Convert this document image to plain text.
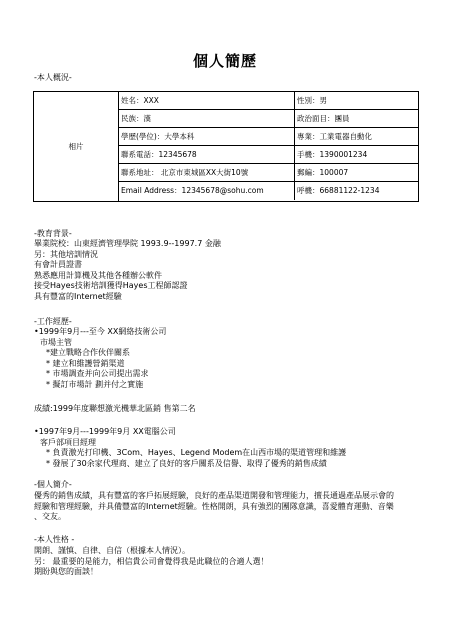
個人簡歷
-本人概況-
相片
姓名：XXX	性別：男
民族：漢	政治面目：團員
學歷(學位)：大學本科	專業：工業電器自動化
聯系電話：12345678	手機：1390001234
聯系地址： 北京市東城區XX大街10號	郵編：100007
Email Address：12345678@sohu.com	呼機：66881122-1234
-教育背景-
畢業院校：山東經濟管理學院 1993.9--1997.7 金融
另：其他培訓情況
有會計員證書
熟悉應用計算機及其他各種辦公軟件
接受Hayes技術培訓獲得Hayes工程師認證
具有豐富的Internet經驗
-工作經歷-
•1999年9月---至今 XX網絡技術公司
市場主管
*建立戰略合作伙伴關系
* 建立和維護營銷渠道
* 市場調查并向公司提出需求
* 擬訂市場計 劃并付之實施
成績:1999年度聯想激光機華北區銷 售第二名
•1997年9月---1999年9月 XX電腦公司
客戶部項目經理
* 負責激光打印機、3Com、Hayes、Legend Modem在山西市場的渠道管理和維護
* 發展了30余家代理商、建立了良好的客戶關系及信譽、取得了優秀的銷售成績
-個人簡介-
優秀的銷售成績，具有豐富的客戶拓展經驗，良好的產品渠道開發和管理能力，擅長通過產品展示會的
經驗和管理經驗，并具備豐富的Internet經驗。性格開朗，具有強烈的團隊意識，喜愛體育運動、音樂
、交友。
-本人性格 -
開朗、謹慎、自律、自信（根據本人情況）。
另： 最重要的是能力，相信貴公司會覺得我是此職位的合適人選！
期盼與您的面談！
